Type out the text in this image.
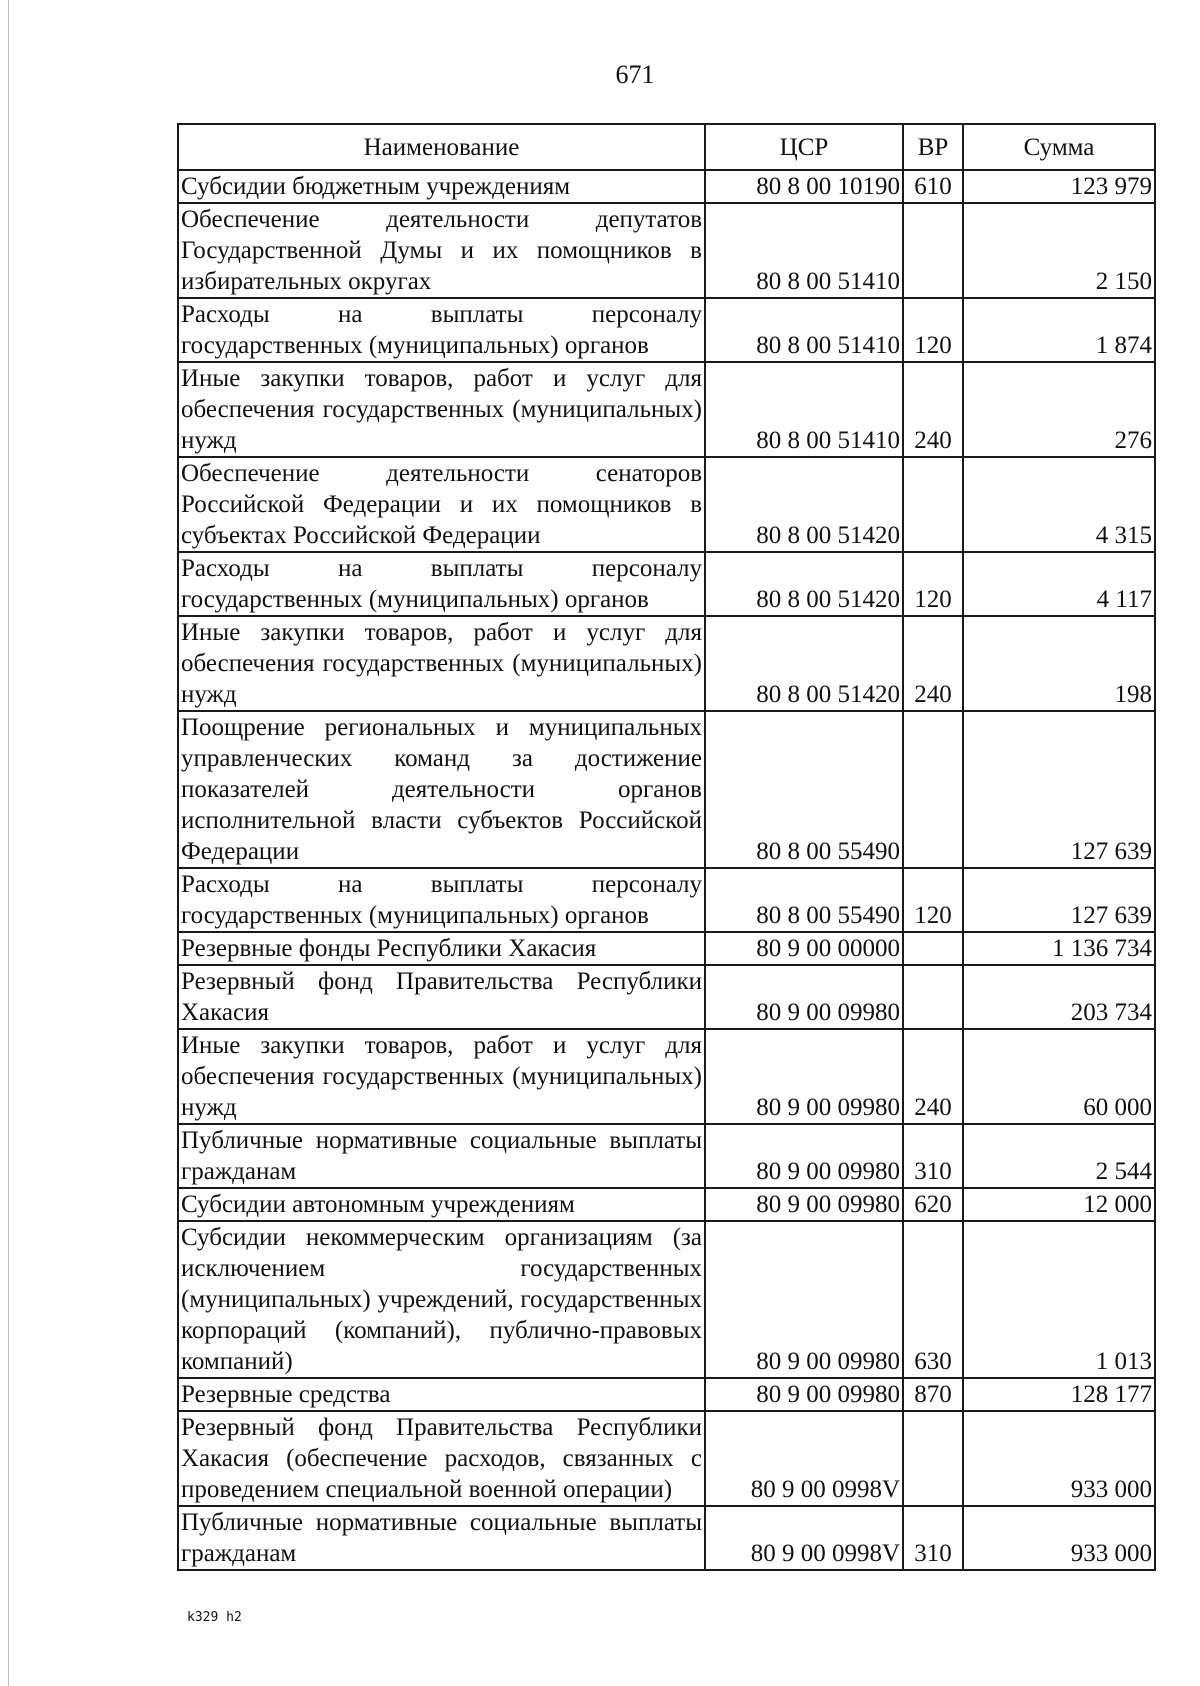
671
Наименование	ЦСР	ВР	Сумма
Субсидии бюджетным учреждениям	80 8 00 10190	610	123 979
Обеспечение деятельности депутатов Государственной Думы и их помощников в избирательных округах	80 8 00 51410		2 150
Расходы на выплаты персоналу государственных (муниципальных) органов	80 8 00 51410	120	1 874
Иные закупки товаров, работ и услуг для обеспечения государственных (муниципальных) нужд	80 8 00 51410	240	276
Обеспечение деятельности сенаторов Российской Федерации и их помощников в субъектах Российской Федерации	80 8 00 51420		4 315
Расходы на выплаты персоналу государственных (муниципальных) органов	80 8 00 51420	120	4 117
Иные закупки товаров, работ и услуг для обеспечения государственных (муниципальных) нужд	80 8 00 51420	240	198
Поощрение региональных и муниципальных управленческих команд за достижение показателей деятельности органов исполнительной власти субъектов Российской Федерации	80 8 00 55490		127 639
Расходы на выплаты персоналу государственных (муниципальных) органов	80 8 00 55490	120	127 639
Резервные фонды Республики Хакасия	80 9 00 00000		1 136 734
Резервный фонд Правительства Республики Хакасия	80 9 00 09980		203 734
Иные закупки товаров, работ и услуг для обеспечения государственных (муниципальных) нужд	80 9 00 09980	240	60 000
Публичные нормативные социальные выплаты гражданам	80 9 00 09980	310	2 544
Субсидии автономным учреждениям	80 9 00 09980	620	12 000
Субсидии некоммерческим организациям (за исключением государственных (муниципальных) учреждений, государственных корпораций (компаний), публично-правовых компаний)	80 9 00 09980	630	1 013
Резервные средства	80 9 00 09980	870	128 177
Резервный фонд Правительства Республики Хакасия (обеспечение расходов, связанных с проведением специальной военной операции)	80 9 00 0998V		933 000
Публичные нормативные социальные выплаты гражданам	80 9 00 0998V	310	933 000
k329 h2
